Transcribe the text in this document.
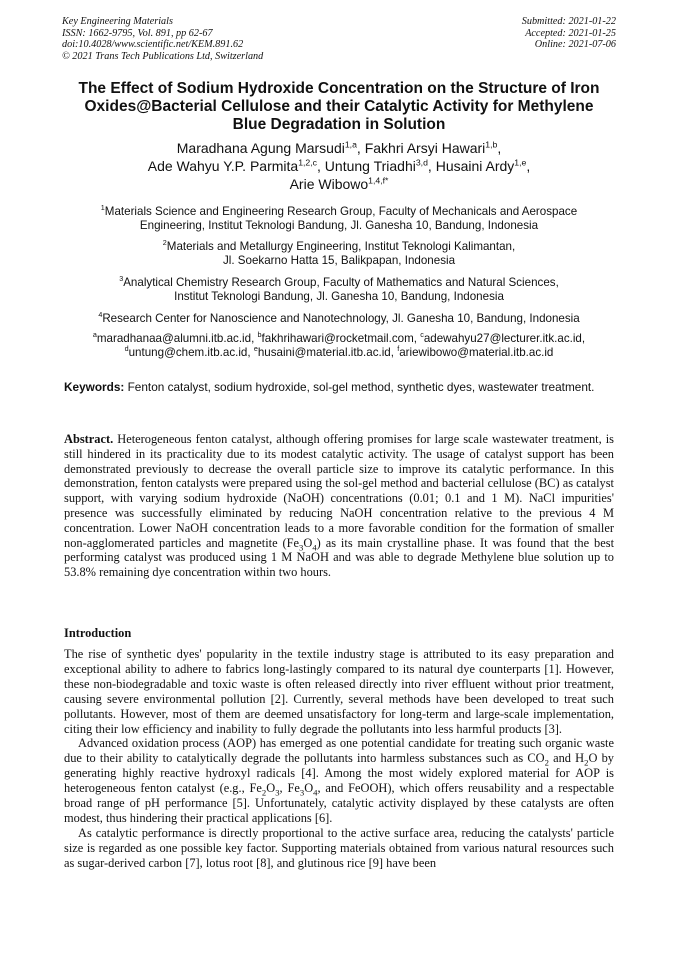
Key Engineering Materials
ISSN: 1662-9795, Vol. 891, pp 62-67
doi:10.4028/www.scientific.net/KEM.891.62
© 2021 Trans Tech Publications Ltd, Switzerland
Submitted: 2021-01-22
Accepted: 2021-01-25
Online: 2021-07-06
The Effect of Sodium Hydroxide Concentration on the Structure of Iron
Oxides@Bacterial Cellulose and their Catalytic Activity for Methylene
Blue Degradation in Solution
Maradhana Agung Marsudi$^{1,a}$, Fakhri Arsyi Hawari$^{1,b}$,
Ade Wahyu Y.P. Parmita$^{1,2,c}$, Untung Triadhi$^{3,d}$, Husaini Ardy$^{1,e}$,
Arie Wibowo$^{1,4,f*}$
$^1$Materials Science and Engineering Research Group, Faculty of Mechanicals and Aerospace
Engineering, Institut Teknologi Bandung, Jl. Ganesha 10, Bandung, Indonesia
$^2$Materials and Metallurgy Engineering, Institut Teknologi Kalimantan,
Jl. Soekarno Hatta 15, Balikpapan, Indonesia
$^3$Analytical Chemistry Research Group, Faculty of Mathematics and Natural Sciences,
Institut Teknologi Bandung, Jl. Ganesha 10, Bandung, Indonesia
$^4$Research Center for Nanoscience and Nanotechnology, Jl. Ganesha 10, Bandung, Indonesia
$^a$maradhanaa@alumni.itb.ac.id, $^b$fakhrihawari@rocketmail.com, $^c$adewahyu27@lecturer.itk.ac.id,
$^d$untung@chem.itb.ac.id, $^e$husaini@material.itb.ac.id, $^f$ariewibowo@material.itb.ac.id
Keywords: Fenton catalyst, sodium hydroxide, sol-gel method, synthetic dyes, wastewater treatment.
Abstract. Heterogeneous fenton catalyst, although offering promises for large scale wastewater treatment, is still hindered in its practicality due to its modest catalytic activity. The usage of catalyst support has been demonstrated previously to decrease the overall particle size to improve its catalytic performance. In this demonstration, fenton catalysts were prepared using the sol-gel method and bacterial cellulose (BC) as catalyst support, with varying sodium hydroxide (NaOH) concentrations (0.01; 0.1 and 1 M). NaCl impurities' presence was successfully eliminated by reducing NaOH concentration relative to the previous 4 M concentration. Lower NaOH concentration leads to a more favorable condition for the formation of smaller non-agglomerated particles and magnetite $(Fe_3O_4)$ as its main crystalline phase. It was found that the best performing catalyst was produced using 1 M NaOH and was able to degrade Methylene blue solution up to 53.8% remaining dye concentration within two hours.
Introduction

The rise of synthetic dyes' popularity in the textile industry stage is attributed to its easy preparation and exceptional ability to adhere to fabrics long-lastingly compared to its natural dye counterparts [1]. However, these non-biodegradable and toxic waste is often released directly into river effluent without prior treatment, causing severe environmental pollution [2]. Currently, several methods have been developed to treat such pollutants. However, most of them are deemed unsatisfactory for long-term and large-scale implementation, citing their low efficiency and inability to fully degrade the pollutants into less harmful products [3].

Advanced oxidation process (AOP) has emerged as one potential candidate for treating such organic waste due to their ability to catalytically degrade the pollutants into harmless substances such as $CO_2$ and $H_2O$ by generating highly reactive hydroxyl radicals [4]. Among the most widely explored material for AOP is heterogeneous fenton catalyst (e.g., $Fe_2O_3$, $Fe_3O_4$, and FeOOH), which offers reusability and a respectable broad range of pH performance [5]. Unfortunately, catalytic activity displayed by these catalysts are often modest, thus hindering their practical applications [6].

As catalytic performance is directly proportional to the active surface area, reducing the catalysts' particle size is regarded as one possible key factor. Supporting materials obtained from various natural resources such as sugar-derived carbon [7], lotus root [8], and glutinous rice [9] have been
